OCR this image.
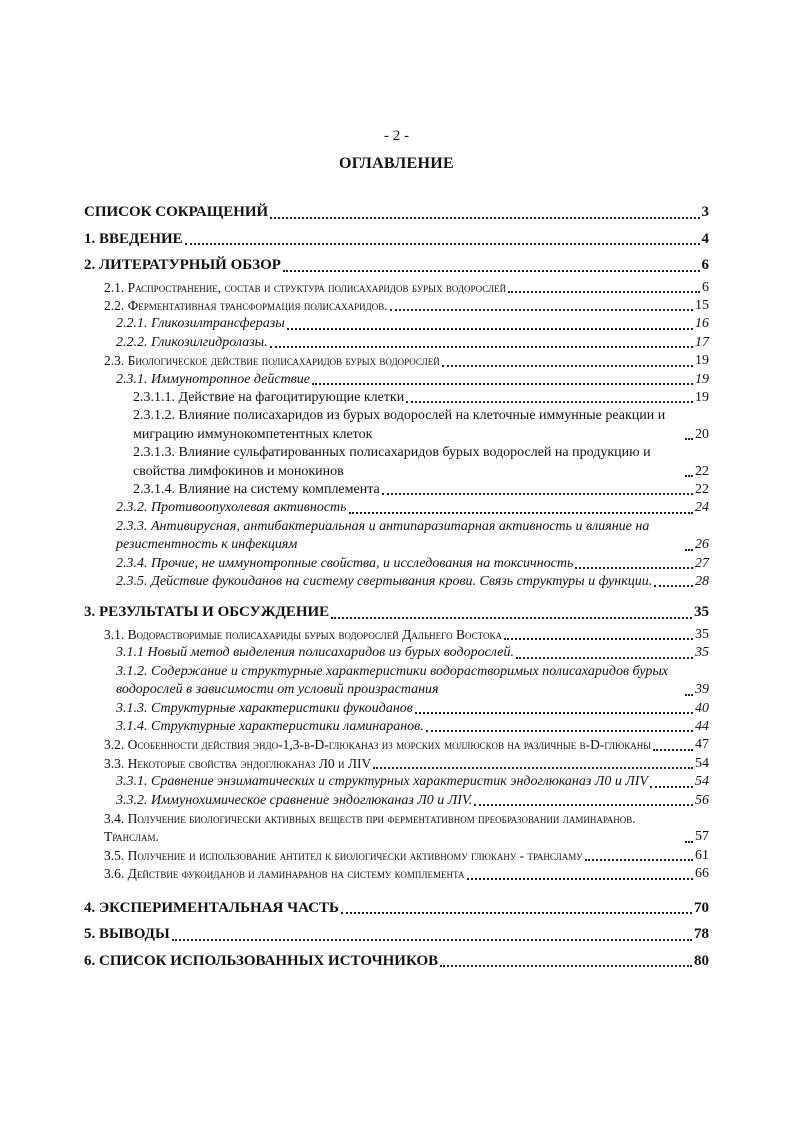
- 2 -
ОГЛАВЛЕНИЕ
СПИСОК СОКРАЩЕНИЙ	3
1. ВВЕДЕНИЕ	4
2. ЛИТЕРАТУРНЫЙ ОБЗОР	6
2.1. Распространение, состав и структура полисахаридов бурых водорослей	6
2.2. Ферментативная трансформация полисахаридов.	15
2.2.1. Гликозилтрансферазы	16
2.2.2. Гликозилгидролазы.	17
2.3. Биологическое действие полисахаридов бурых водорослей	19
2.3.1. Иммунотропное действие	19
2.3.1.1. Действие на фагоцитирующие клетки	19
2.3.1.2. Влияние полисахаридов из бурых водорослей на клеточные иммунные реакции и миграцию иммунокомпетентных клеток	20
2.3.1.3. Влияние сульфатированных полисахаридов бурых водорослей на продукцию и свойства лимфокинов и монокинов	22
2.3.1.4. Влияние на систему комплемента	22
2.3.2. Противоопухолевая активность	24
2.3.3. Антивирусная, антибактериальная и антипаразитарная активность и влияние на резистентность к инфекциям	26
2.3.4. Прочие, не иммунотропные свойства, и исследования на токсичность	27
2.3.5. Действие фукоиданов на систему свертывания крови. Связь структуры и функции.	28
3. РЕЗУЛЬТАТЫ И ОБСУЖДЕНИЕ	35
3.1. Водорастворимые полисахариды бурых водорослей Дальнего Востока	35
3.1.1 Новый метод выделения полисахаридов из бурых водорослей.	35
3.1.2. Содержание и структурные характеристики водорастворимых полисахаридов бурых водорослей в зависимости от условий произрастания	39
3.1.3. Структурные характеристики фукоиданов	40
3.1.4. Структурные характеристики ламинаранов.	44
3.2. Особенности действия эндо-1,3-β-D-глюканаз из морских моллюсков на различные β-D-глюканы	47
3.3. Некоторые свойства эндоглюканаз Л0 и ЛIV	54
3.3.1. Сравнение энзиматических и структурных характеристик эндоглюканаз Л0 и ЛIV	54
3.3.2. Иммунохимическое сравнение эндоглюканаз Л0 и ЛIV.	56
3.4. Получение биологически активных веществ при ферментативном преобразовании ламинаранов. Транслам.	57
3.5. Получение и использование антител к биологически активному глюкану - трансламу	61
3.6. Действие фукоиданов и ламинаранов на систему комплемента	66
4. ЭКСПЕРИМЕНТАЛЬНАЯ ЧАСТЬ	70
5. ВЫВОДЫ	78
6. СПИСОК ИСПОЛЬЗОВАННЫХ ИСТОЧНИКОВ	80
